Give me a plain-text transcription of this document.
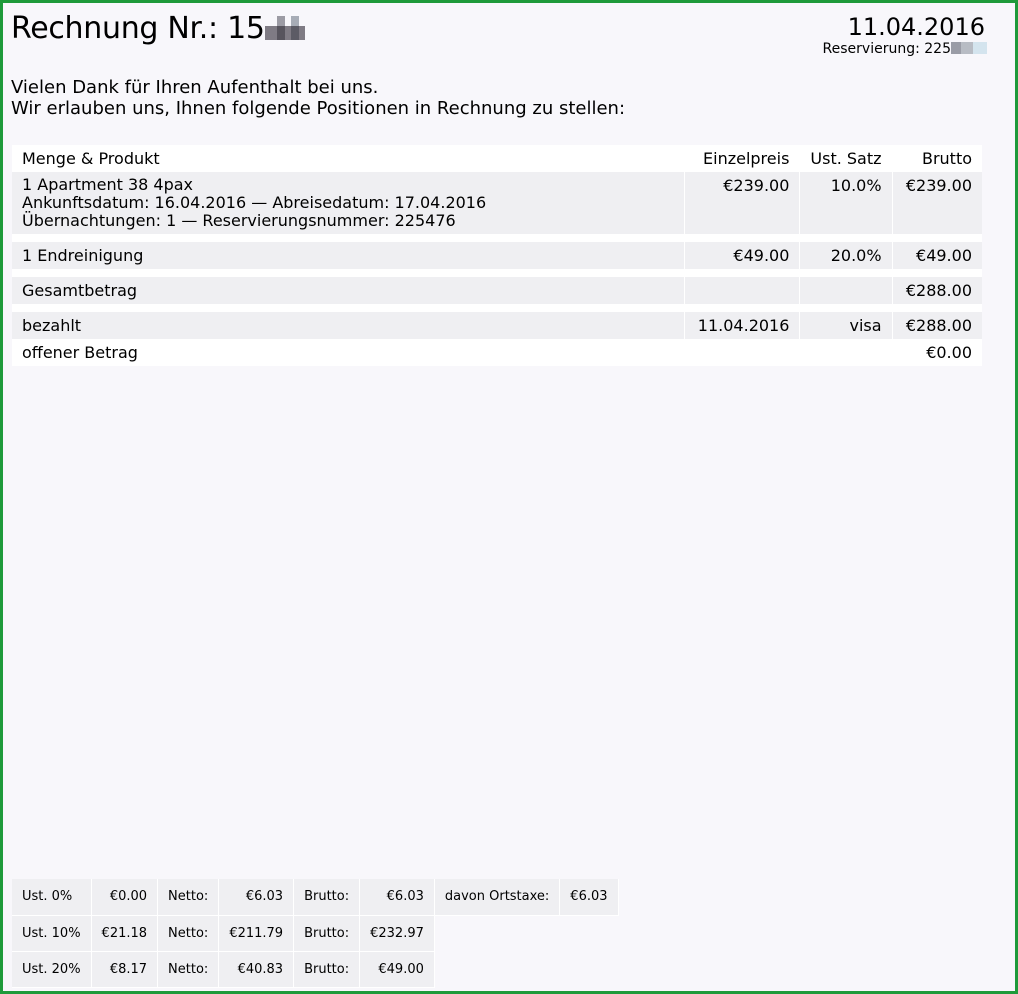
Rechnung Nr.: 15	11.04.2016
Reservierung: 225
Vielen Dank für Ihren Aufenthalt bei uns.
Wir erlauben uns, Ihnen folgende Positionen in Rechnung zu stellen:
Menge & Produkt	Einzelpreis	Ust. Satz	Brutto

1 Apartment 38 4pax
Ankunftsdatum: 16.04.2016 — Abreisedatum: 17.04.2016
Übernachtungen: 1 — Reservierungsnummer: 225476	€239.00	10.0%	€239.00

1 Endreinigung	€49.00	20.0%	€49.00

Gesamtbetrag			€288.00

bezahlt	11.04.2016	visa	€288.00
offener Betrag			€0.00
Ust. 0%	€0.00	Netto:	€6.03	Brutto:	€6.03	davon Ortstaxe:	€6.03
Ust. 10%	€21.18	Netto:	€211.79	Brutto:	€232.97		
Ust. 20%	€8.17	Netto:	€40.83	Brutto:	€49.00		
